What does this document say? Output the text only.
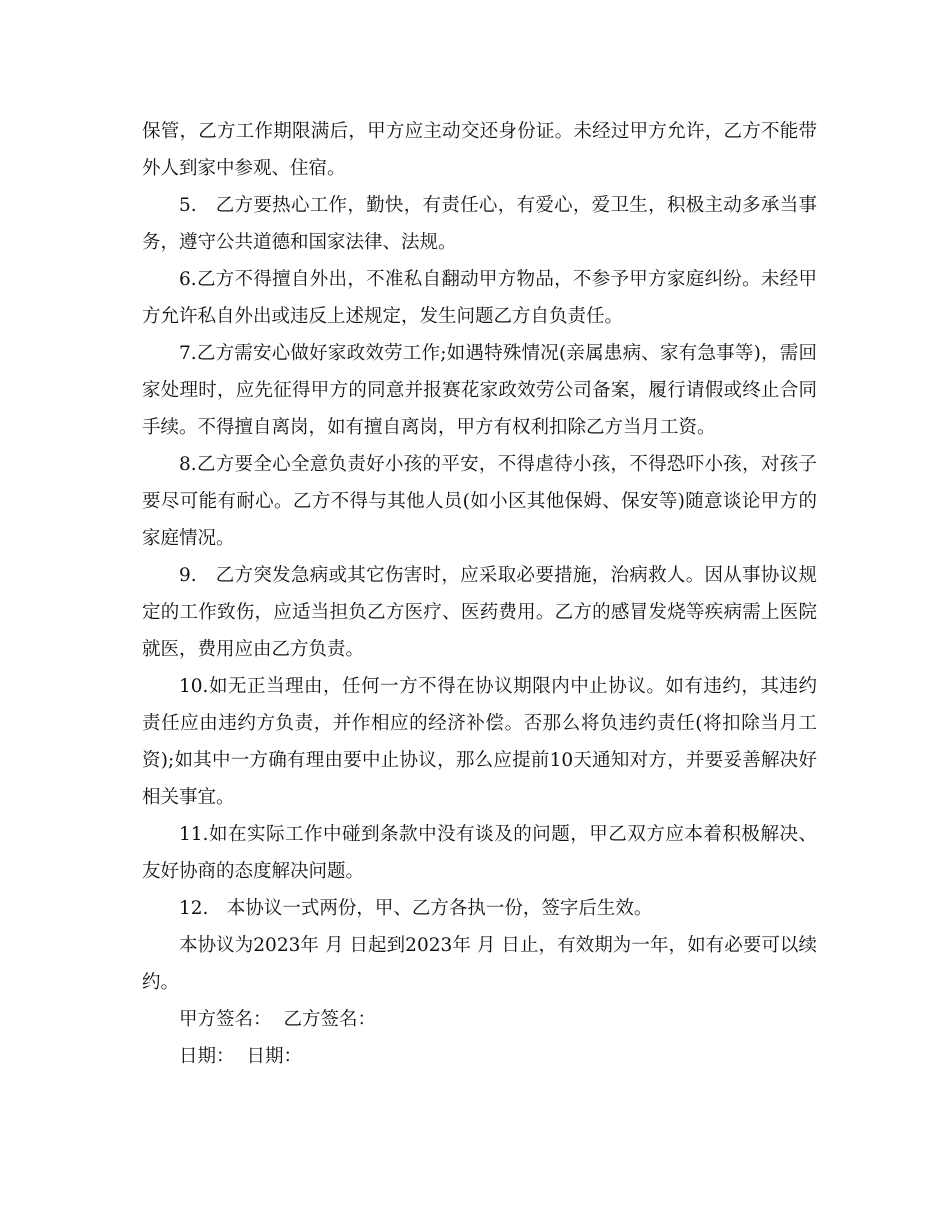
保管，乙方工作期限满后，甲方应主动交还身份证。未经过甲方允许，乙方不能带外人到家中参观、住宿。

5.　乙方要热心工作，勤快，有责任心，有爱心，爱卫生，积极主动多承当事务，遵守公共道德和国家法律、法规。

6.乙方不得擅自外出，不准私自翻动甲方物品，不参予甲方家庭纠纷。未经甲方允许私自外出或违反上述规定，发生问题乙方自负责任。

7.乙方需安心做好家政效劳工作;如遇特殊情况(亲属患病、家有急事等)，需回家处理时，应先征得甲方的同意并报赛花家政效劳公司备案，履行请假或终止合同手续。不得擅自离岗，如有擅自离岗，甲方有权利扣除乙方当月工资。

8.乙方要全心全意负责好小孩的平安，不得虐待小孩，不得恐吓小孩，对孩子要尽可能有耐心。乙方不得与其他人员(如小区其他保姆、保安等)随意谈论甲方的家庭情况。

9.　乙方突发急病或其它伤害时，应采取必要措施，治病救人。因从事协议规定的工作致伤，应适当担负乙方医疗、医药费用。乙方的感冒发烧等疾病需上医院就医，费用应由乙方负责。

10.如无正当理由，任何一方不得在协议期限内中止协议。如有违约，其违约责任应由违约方负责，并作相应的经济补偿。否那么将负违约责任(将扣除当月工资);如其中一方确有理由要中止协议，那么应提前10天通知对方，并要妥善解决好相关事宜。

11.如在实际工作中碰到条款中没有谈及的问题，甲乙双方应本着积极解决、友好协商的态度解决问题。

12.　本协议一式两份，甲、乙方各执一份，签字后生效。

本协议为2023年 月 日起到2023年 月 日止，有效期为一年，如有必要可以续约。

甲方签名： 乙方签名：

日期： 日期：
